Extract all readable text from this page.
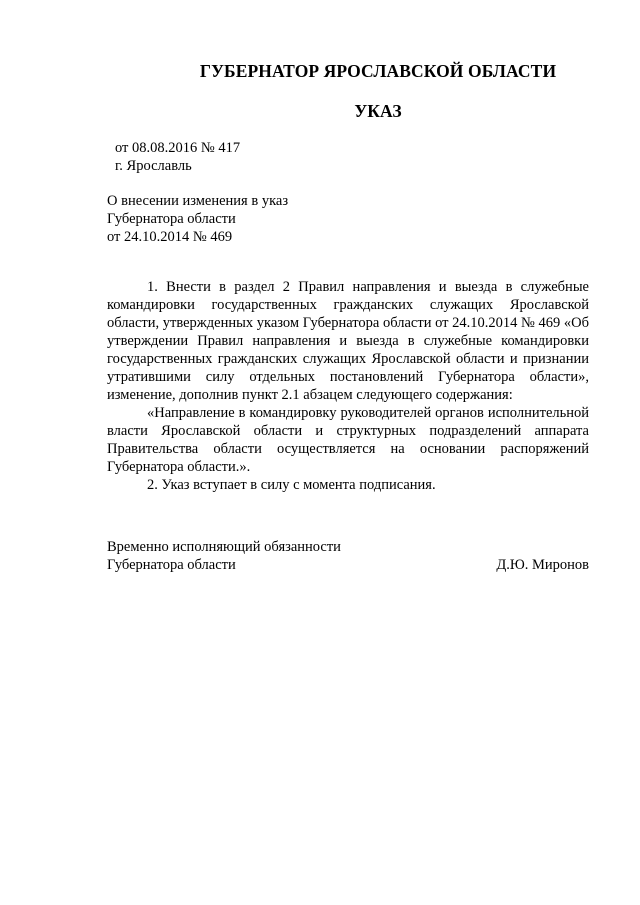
ГУБЕРНАТОР ЯРОСЛАВСКОЙ ОБЛАСТИ
УКАЗ
от 08.08.2016 № 417
г. Ярославль
О внесении изменения в указ
Губернатора области
от 24.10.2014 № 469

1. Внести в раздел 2 Правил направления и выезда в служебные командировки государственных гражданских служащих Ярославской области, утвержденных указом Губернатора области от 24.10.2014 № 469 «Об утверждении Правил направления и выезда в служебные командировки государственных гражданских служащих Ярославской области и признании утратившими силу отдельных постановлений Губернатора области», изменение, дополнив пункт 2.1 абзацем следующего содержания:

«Направление в командировку руководителей органов исполнительной власти Ярославской области и структурных подразделений аппарата Правительства области осуществляется на основании распоряжений Губернатора области.».

2. Указ вступает в силу с момента подписания.

Временно исполняющий обязанности
Губернатора области	Д.Ю. Миронов
